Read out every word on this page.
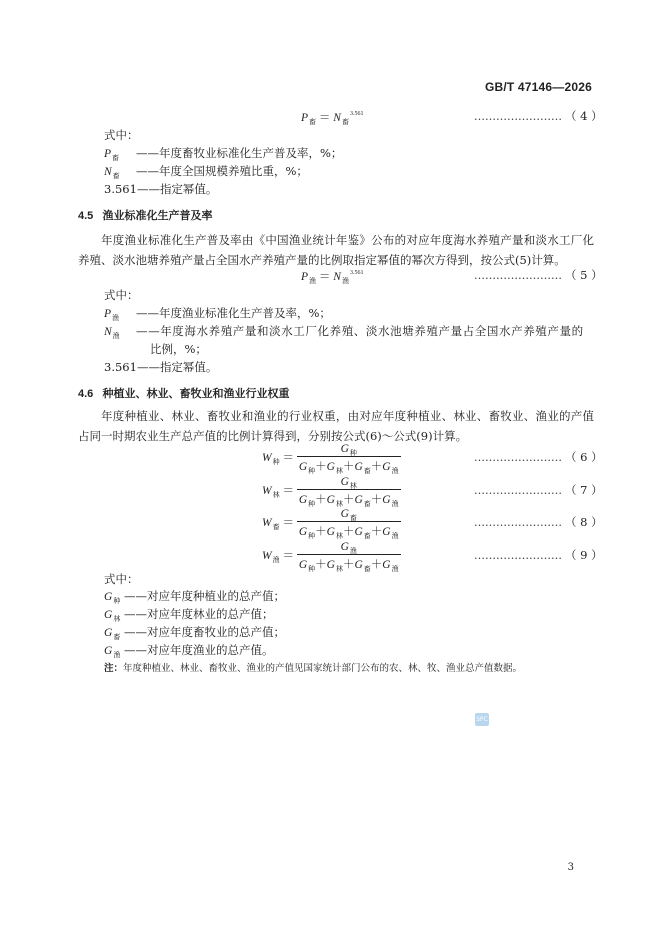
GB/T 47146—2026
$P_畜 = N_畜^{3.561}$	…………………… （ 4 ）
式中：
$P_畜$ ——年度畜牧业标准化生产普及率，%；
$N_畜$ ——年度全国规模养殖比重，%；
3.561——指定幂值。
4.5 渔业标准化生产普及率
年度渔业标准化生产普及率由《中国渔业统计年鉴》公布的对应年度海水养殖产量和淡水工厂化养殖、淡水池塘养殖产量占全国水产养殖产量的比例取指定幂值的幂次方得到，按公式(5)计算。
$P_渔 = N_渔^{3.561}$	…………………… （ 5 ）
式中：
$P_渔$ ——年度渔业标准化生产普及率，%；
$N_渔$ ——年度海水养殖产量和淡水工厂化养殖、淡水池塘养殖产量占全国水产养殖产量的
比例，%；
3.561——指定幂值。
4.6 种植业、林业、畜牧业和渔业行业权重
年度种植业、林业、畜牧业和渔业的行业权重，由对应年度种植业、林业、畜牧业、渔业的产值占同一时期农业生产总产值的比例计算得到，分别按公式(6)～公式(9)计算。
$W_种 = \frac{G_种}{G_种+G_林+G_畜+G_渔}$	…………………… （ 6 ）
$W_林 = \frac{G_林}{G_种+G_林+G_畜+G_渔}$	…………………… （ 7 ）
$W_畜 = \frac{G_畜}{G_种+G_林+G_畜+G_渔}$	…………………… （ 8 ）
$W_渔 = \frac{G_渔}{G_种+G_林+G_畜+G_渔}$	…………………… （ 9 ）
式中：
$G_种$ ——对应年度种植业的总产值；
$G_林$ ——对应年度林业的总产值；
$G_畜$ ——对应年度畜牧业的总产值；
$G_渔$ ——对应年度渔业的总产值。
注：年度种植业、林业、畜牧业、渔业的产值见国家统计部门公布的农、林、牧、渔业总产值数据。
SPC
3
